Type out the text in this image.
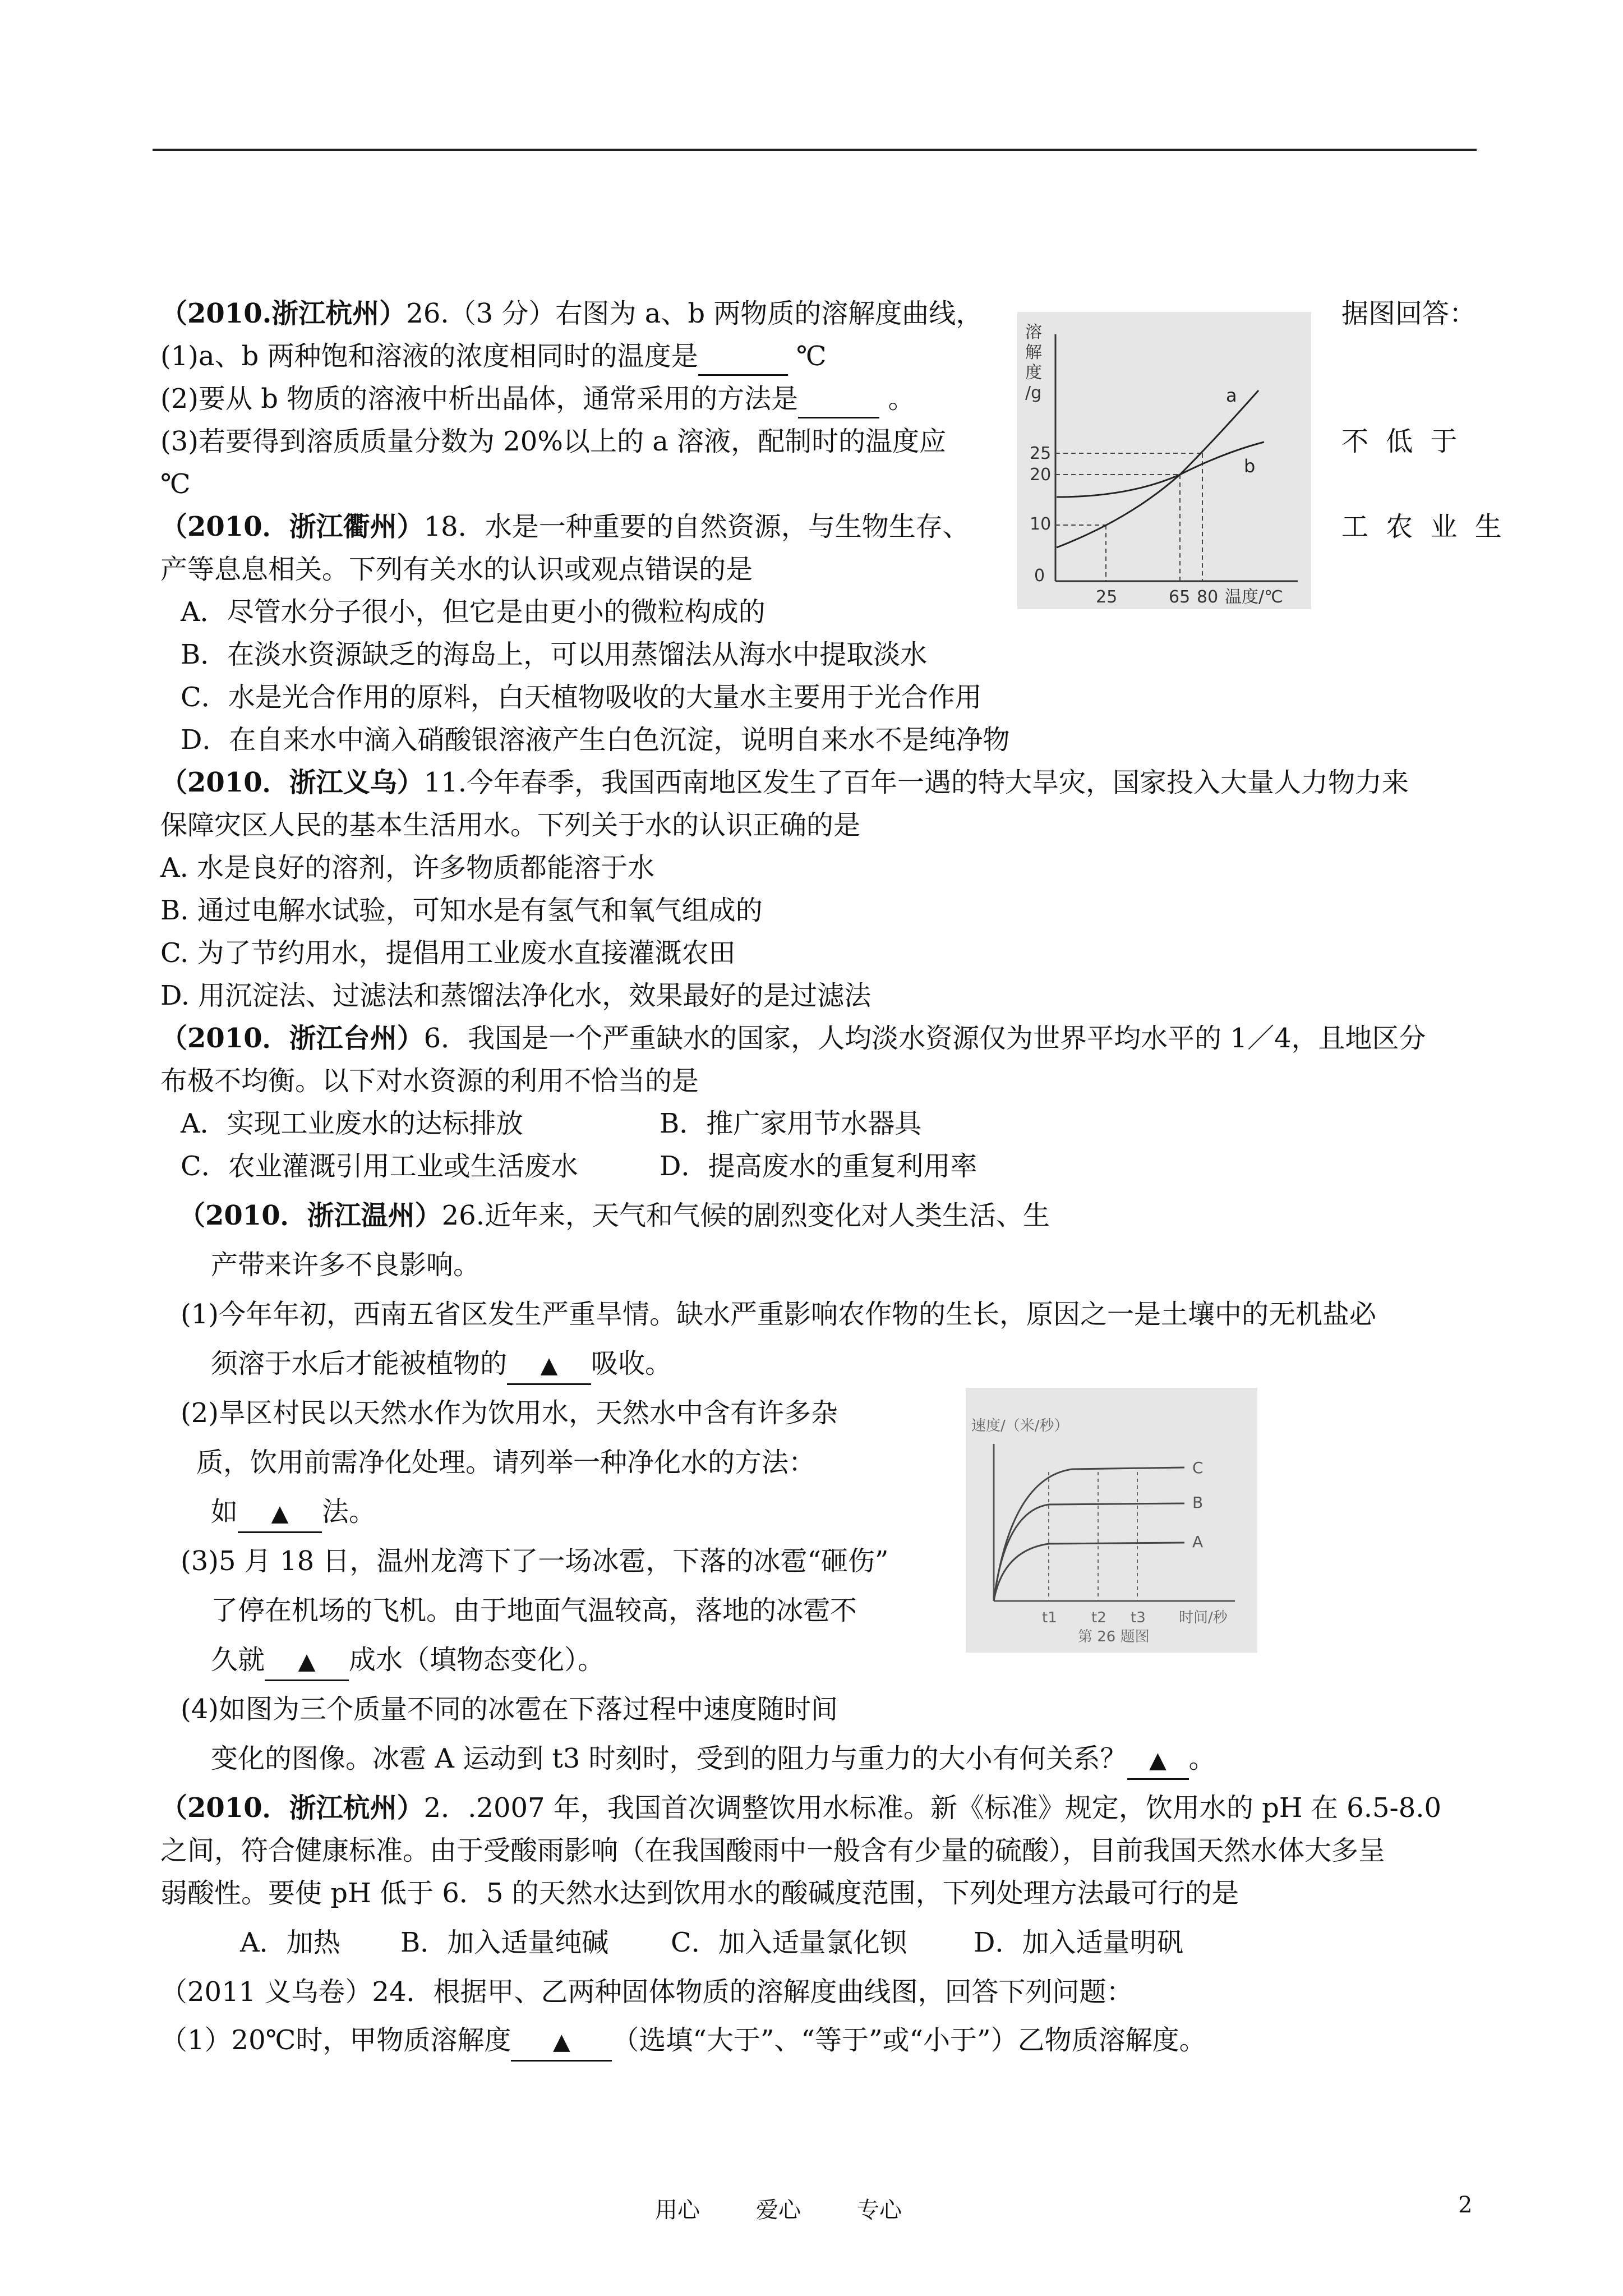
（2010.浙江杭州）26.（3 分）右图为 a、b 两物质的溶解度曲线，	据图回答：
(1)a、b 两种饱和溶液的浓度相同时的温度是	℃
(2)要从 b 物质的溶液中析出晶体，通常采用的方法是	。
(3)若要得到溶质质量分数为 20%以上的 a 溶液，配制时的温度应	不 低 于
℃
溶
解
度
/g
25
20
10
0
25	65 80 温度/℃
a
b
（2010．浙江衢州）18．水是一种重要的自然资源，与生物生存、	工 农 业 生
产等息息相关。下列有关水的认识或观点错误的是
A．尽管水分子很小，但它是由更小的微粒构成的
B．在淡水资源缺乏的海岛上，可以用蒸馏法从海水中提取淡水
C．水是光合作用的原料，白天植物吸收的大量水主要用于光合作用
D．在自来水中滴入硝酸银溶液产生白色沉淀，说明自来水不是纯净物
（2010．浙江义乌）11.今年春季，我国西南地区发生了百年一遇的特大旱灾，国家投入大量人力物力来
保障灾区人民的基本生活用水。下列关于水的认识正确的是
A. 水是良好的溶剂，许多物质都能溶于水
B. 通过电解水试验，可知水是有氢气和氧气组成的
C. 为了节约用水，提倡用工业废水直接灌溉农田
D. 用沉淀法、过滤法和蒸馏法净化水，效果最好的是过滤法
（2010．浙江台州）6．我国是一个严重缺水的国家，人均淡水资源仅为世界平均水平的 1／4，且地区分
布极不均衡。以下对水资源的利用不恰当的是
A．实现工业废水的达标排放	B．推广家用节水器具
C．农业灌溉引用工业或生活废水	D．提高废水的重复利用率
（2010．浙江温州）26.近年来，天气和气候的剧烈变化对人类生活、生
产带来许多不良影响。
(1)今年年初，西南五省区发生严重旱情。缺水严重影响农作物的生长，原因之一是土壤中的无机盐必
须溶于水后才能被植物的 ▲ 吸收。
(2)旱区村民以天然水作为饮用水，天然水中含有许多杂
质，饮用前需净化处理。请列举一种净化水的方法：
如 ▲ 法。
(3)5 月 18 日，温州龙湾下了一场冰雹，下落的冰雹“砸伤”
了停在机场的飞机。由于地面气温较高，落地的冰雹不
久就 ▲ 成水（填物态变化）。
(4)如图为三个质量不同的冰雹在下落过程中速度随时间
变化的图像。冰雹 A 运动到 t3 时刻时，受到的阻力与重力的大小有何关系？ ▲ 。
速度/（米/秒）
C
B
A
t1 t2 t3 时间/秒
第 26 题图
（2010．浙江杭州）2．.2007 年，我国首次调整饮用水标准。新《标准》规定，饮用水的 pH 在 6.5-8.0
之间，符合健康标准。由于受酸雨影响（在我国酸雨中一般含有少量的硫酸），目前我国天然水体大多呈
弱酸性。要使 pH 低于 6．5 的天然水达到饮用水的酸碱度范围，下列处理方法最可行的是
A．加热 B．加入适量纯碱 C．加入适量氯化钡 D．加入适量明矾
（2011 义乌卷）24．根据甲、乙两种固体物质的溶解度曲线图，回答下列问题：
（1）20℃时，甲物质溶解度 ▲ （选填“大于”、“等于”或“小于”）乙物质溶解度。
用心	爱心	专心	2
